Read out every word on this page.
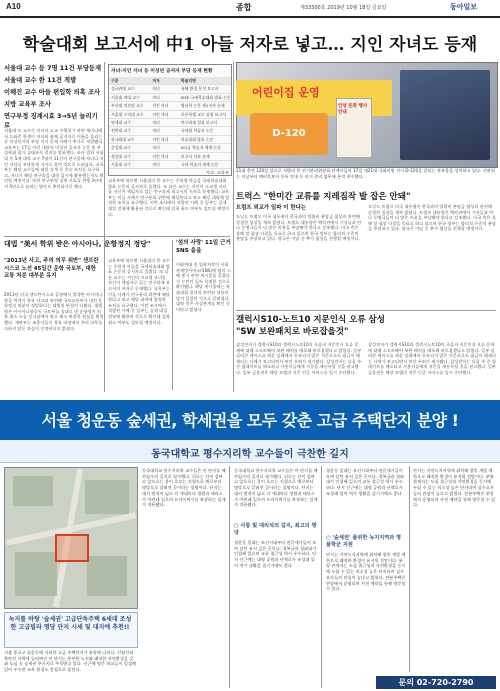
A10	종합	제33500호 2019년 10월 18일 금요일	동아일보
학술대회 보고서에 中1 아들 저자로 넣고… 지인 자녀도 등재
서울대 교수 등 7명 11건 부당등재
서울대 교수 한 11건 적발
이해진 교수 아들 편입학 의혹 조사
지방 교육부 조사
연구부정 징계시효 3→5년 늘리기로
서울대 모 교수가 자녀의 고교 수행평가 관련 세미나에서 도와준 학생이 자녀와 함께 공저자로 이름을 올리는 등 미성년자의 부당 저자 등재 사례가 추가로 적발됐다. 교육부는 17일 이런 내용의 미성년 공저자 논문 및 부실학회 참가 실태조사 결과를 발표했다. 조사 결과 서울대 등 5개 대학 교수 7명이 11건의 연구물에 자녀나 지인 자녀를 부당하게 저자로 올린 것으로 드러났다. 교육부는 해당 교수들에 대한 징계 등 후속 조치를 요구하고, 자녀가 해당 연구물을 대학 입시에 활용했는지도 확인할 예정이다. 또한 연구부정 징계 시효를 현행 3년에서 5년으로 늘리는 방안도 추진하기로 했다.
자녀·지인 자녀 등 미성년 공저자 부당 등재 현황
구분	저자	학술지명
성균관대 교수	자녀	유해 환경 분석 보고서
서울대 의대 교수	자녀	IEEE 국제학술대회 발표 논문
부산대 의전원 교수	지인 자녀	병리학 논문 제1저자 등재
서울대 수의대 교수	지인 자녀	초등학생 교구 실험 보고서
연세대 교수	자녀	연구과제 결과 보고서
전북대 교수	자녀	국내외 학술지 논문
한국외대 교수	지인 자녀	학술대회 발표 논문
중앙대 교수	자녀	SCI급 학술지 게재 논문
경상대 교수	지인 자녀	보고서 저자 등재
서울대 교수	자녀	국내 학술지 게재 논문
자료: 교육부
교육부에 따르면 서울대의 한 교수는 중학생 아들을 국제학술대회 발표 논문의 공저자로 올렸다. 또 다른 교수는 지인의 고교생 자녀를 자신이 책임자로 있는 연구과제 보고서의 저자로 등재했다. 교육부는 이들 사례가 연구윤리 위반에 해당한다고 보고 해당 대학에 엄정한 조치를 요구했다. 이번 조사에서 적발된 사례 중 일부는 실제 대입 전형에 활용된 것으로 확인돼 입학 취소 여부도 검토될 예정이다.
대법 "美서 학위 받은 아시아나, 운항정지 정당"
"2013년 사고, 주의 의무 위반" 샌프란시스코 노선 45일간 운항 국토부, 대한 교통 처분 대부분 유지
2013년 미국 샌프란시스코 공항에서 발생한 아시아나항공 여객기 착륙 사고와 관련해 국토교통부가 내린 운항정지 처분이 정당하다는 대법원 판결이 나왔다. 대법원은 아시아나항공이 국토부를 상대로 낸 운항정지 처분 취소 소송 상고심에서 원고 패소 판결한 원심을 확정했다. 재판부는 조종사들이 착륙 과정에서 주의 의무를 다하지 않은 과실이 인정된다고 밝혔다.
교육부에 따르면 서울대의 한 교수는 중학생 아들을 국제학술대회 발표 논문의 공저자로 올렸다. 또 다른 교수는 지인의 고교생 자녀를 자신이 책임자로 있는 연구과제 보고서의 저자로 등재했다. 교육부는 이들 사례가 연구윤리 위반에 해당한다고 보고 해당 대학에 엄정한 조치를 요구했다. 이번 조사에서 적발된 사례 중 일부는 실제 대입 전형에 활용된 것으로 확인돼 입학 취소 여부도 검토될 예정이다.
'섬의 사랑' 11일 근거 SNS 을올
이화여대 전 입학처장이 사회관계망서비스(SNS)에 딸의 스펙 쌓기 관련 게시물을 올렸다가 논란이 일자 삭제한 것으로 확인됐다. 해당 게시물에는 학술대회 참석과 관련된 내용이 담겨 있었던 것으로 알려졌다. 대학 측은 사실관계를 확인 중이라고 밝혔다.
어린이집 운영
D-120
안녕 문화 행사 안내
21대 총선 120일 앞으로 지방의 한 선거관리위원회 관계자들이 17일 제21대 국회의원 선거 D-120을 알리는 홍보물을 설치하고 있다. 선관위는 이날부터 예비후보자 등록 안내 등 선거 준비 업무에 본격 착수했다.
트럭스 "한미간 교류를 지레짐작 발 잡은 안돼"
트럼프 외교가 일파 이 한다는
도널드 트럼프 미국 대통령이 한국과의 방위비 분담금 협상과 관련해 강경한 입장을 재차 밝혔다. 트럼프 대통령은 백악관에서 기자들과 만나 동맹국들이 더 많은 비용을 부담해야 한다고 강조했다. 미국 측은 올해 말 협상 타결을 목표로 하고 있으며 한국 정부는 합리적 수준의 분담을 주장하고 있다. 양국은 이달 중 추가 협상을 진행할 예정이다.
도널드 트럼프 미국 대통령이 한국과의 방위비 분담금 협상과 관련해 강경한 입장을 재차 밝혔다. 트럼프 대통령은 백악관에서 기자들과 만나 동맹국들이 더 많은 비용을 부담해야 한다고 강조했다. 미국 측은 올해 말 협상 타결을 목표로 하고 있으며 한국 정부는 합리적 수준의 분담을 주장하고 있다. 양국은 이달 중 추가 협상을 진행할 예정이다.
갤럭시S10-노트10 지문인식 오류 삼성 "SW 보완패치로 바로잡을것"
삼성전자가 갤럭시S10과 갤럭시노트10의 초음파 지문인식 오류 문제에 대해 소프트웨어 보완 패치를 배포해 바로잡겠다고 밝혔다. 일부 실리콘 케이스를 씌운 상태에서 등록되지 않은 지문으로도 잠금이 해제되는 사례가 보고되면서 보안 우려가 제기됐다. 삼성전자는 다음 주 중 업데이트를 배포하고 사용자들에게 지문을 재등록할 것을 권고했다. 일부 금융권은 해당 모델의 지문 인증 서비스를 일시 중단했다.
삼성전자가 갤럭시S10과 갤럭시노트10의 초음파 지문인식 오류 문제에 대해 소프트웨어 보완 패치를 배포해 바로잡겠다고 밝혔다. 일부 실리콘 케이스를 씌운 상태에서 등록되지 않은 지문으로도 잠금이 해제되는 사례가 보고되면서 보안 우려가 제기됐다. 삼성전자는 다음 주 중 업데이트를 배포하고 사용자들에게 지문을 재등록할 것을 권고했다. 일부 금융권은 해당 모델의 지문 인증 서비스를 일시 중단했다.
서울 청운동 숲세권, 학세권을 모두 갖춘 고급 주택단지 분양 !
동국대학교 평수지리학 교수들이 극찬한 길지
녹지를 바탕 '숲세권' 고급단독주택 6세대 조성한 고급빌라 명당 단지 시세 및 대지에 추천!!
서울 종로구 청운동에 자리한 고급 주택단지가 분양에 나선다. 인왕산과 북악산 자락에 둘러싸인 이 단지는 풍부한 녹지와 쾌적한 자연환경을 갖춰 도심 속 숲세권 주거지로 주목받고 있다. 인근에 명문 학교들이 밀집해 있어 우수한 교육 환경도 장점으로 꼽힌다.
동국대학교 풍수지리학 교수들은 이 단지를 배산임수의 길지로 평가했다. 뒤로는 산이 감싸고 앞으로는 물이 흐르는 지형으로 예로부터 명당으로 알려진 곳이라는 설명이다. 단지는 대지 면적이 넓고 각 세대마다 정원과 테라스가 마련돼 있으며 프라이버시를 보장하는 설계가 적용됐다.
동국대학교 풍수지리학 교수들은 이 단지를 배산임수의 길지로 평가했다. 뒤로는 산이 감싸고 앞으로는 물이 흐르는 지형으로 예로부터 명당으로 알려진 곳이라는 설명이다. 단지는 대지 면적이 넓고 각 세대마다 정원과 테라스가 마련돼 있으며 프라이버시를 보장하는 설계가 적용됐다.
○ 사통 및 대리석의 길지, 최고의 명당
청운동 일대는 조선시대부터 권문세가들이 모여 살던 유서 깊은 곳이다. 경복궁과 청와대가 인접해 있으며 교통 접근성 역시 우수하다. 단지 인근에는 대형 공원과 산책로가 조성돼 있어 여가 생활을 즐기기에도 좋다.
청운동 일대는 조선시대부터 권문세가들이 모여 살던 유서 깊은 곳이다. 경복궁과 청와대가 인접해 있으며 교통 접근성 역시 우수하다. 단지 인근에는 대형 공원과 산책로가 조성돼 있어 여가 생활을 즐기기에도 좋다.
○ '숲세권' 품위한 녹지지역과 명품학군 지원
단지는 자연녹지지역에 위치해 향후 개발 제한으로 쾌적한 환경이 유지될 전망이다. 분양 관계자는 도심 접근성과 자연환경을 동시에 누릴 수 있는 희소성 높은 단지라며 실수요자들의 관심이 높다고 밝혔다. 견본주택은 현장에서 운영되며 사전 예약을 통해 방문할 수 있다.
단지는 자연녹지지역에 위치해 향후 개발 제한으로 쾌적한 환경이 유지될 전망이다. 분양 관계자는 도심 접근성과 자연환경을 동시에 누릴 수 있는 희소성 높은 단지라며 실수요자들의 관심이 높다고 밝혔다. 견본주택은 현장에서 운영되며 사전 예약을 통해 방문할 수 있다.
문의 02-720-2790
